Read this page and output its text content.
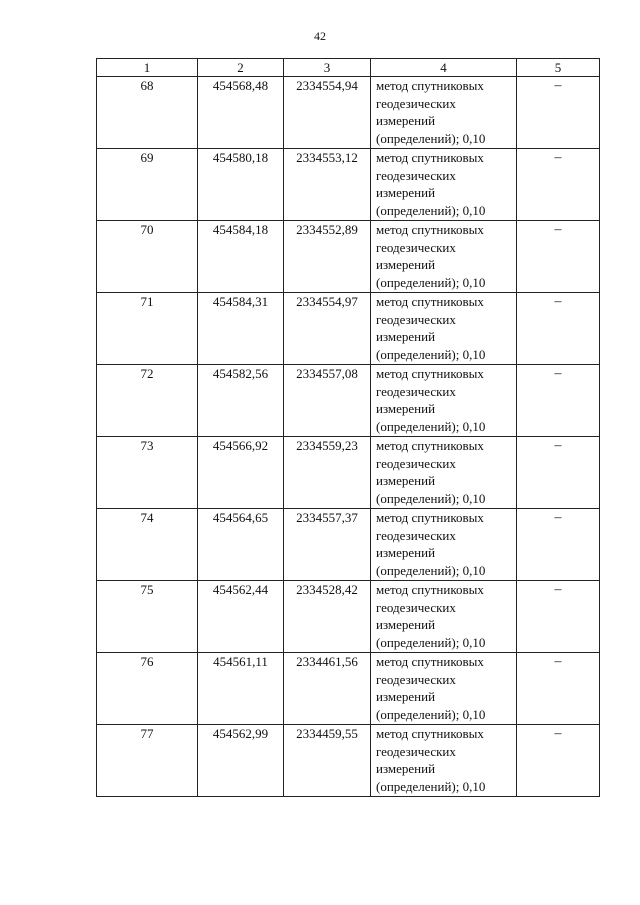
42
1	2	3	4	5
68	454568,48	2334554,94	метод спутниковых геодезических измерений (определений); 0,10	–
69	454580,18	2334553,12	метод спутниковых геодезических измерений (определений); 0,10	–
70	454584,18	2334552,89	метод спутниковых геодезических измерений (определений); 0,10	–
71	454584,31	2334554,97	метод спутниковых геодезических измерений (определений); 0,10	–
72	454582,56	2334557,08	метод спутниковых геодезических измерений (определений); 0,10	–
73	454566,92	2334559,23	метод спутниковых геодезических измерений (определений); 0,10	–
74	454564,65	2334557,37	метод спутниковых геодезических измерений (определений); 0,10	–
75	454562,44	2334528,42	метод спутниковых геодезических измерений (определений); 0,10	–
76	454561,11	2334461,56	метод спутниковых геодезических измерений (определений); 0,10	–
77	454562,99	2334459,55	метод спутниковых геодезических измерений (определений); 0,10	–
